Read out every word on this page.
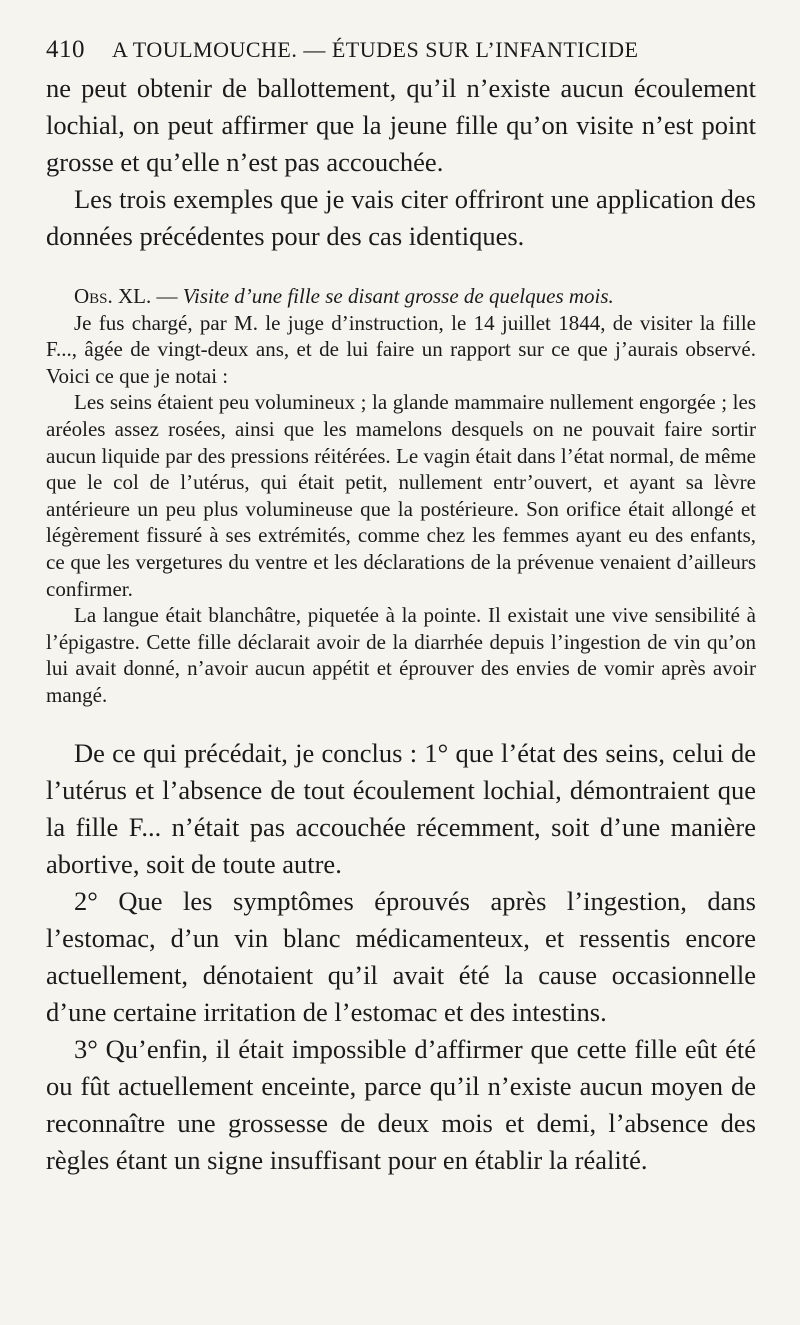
410	A TOULMOUCHE. — ÉTUDES SUR L’INFANTICIDE

ne peut obtenir de ballottement, qu’il n’existe aucun écoulement lochial, on peut affirmer que la jeune fille qu’on visite n’est point grosse et qu’elle n’est pas accouchée.

Les trois exemples que je vais citer offriront une application des données précédentes pour des cas identiques.

Obs. XL. — Visite d’une fille se disant grosse de quelques mois.

Je fus chargé, par M. le juge d’instruction, le 14 juillet 1844, de visiter la fille F..., âgée de vingt-deux ans, et de lui faire un rapport sur ce que j’aurais observé. Voici ce que je notai :

Les seins étaient peu volumineux ; la glande mammaire nullement engorgée ; les aréoles assez rosées, ainsi que les mamelons desquels on ne pouvait faire sortir aucun liquide par des pressions réitérées. Le vagin était dans l’état normal, de même que le col de l’utérus, qui était petit, nullement entr’ouvert, et ayant sa lèvre antérieure un peu plus volumineuse que la postérieure. Son orifice était allongé et légèrement fissuré à ses extrémités, comme chez les femmes ayant eu des enfants, ce que les vergetures du ventre et les déclarations de la prévenue venaient d’ailleurs confirmer.

La langue était blanchâtre, piquetée à la pointe. Il existait une vive sensibilité à l’épigastre. Cette fille déclarait avoir de la diarrhée depuis l’ingestion de vin qu’on lui avait donné, n’avoir aucun appétit et éprouver des envies de vomir après avoir mangé.

De ce qui précédait, je conclus : 1° que l’état des seins, celui de l’utérus et l’absence de tout écoulement lochial, démontraient que la fille F... n’était pas accouchée récemment, soit d’une manière abortive, soit de toute autre.

2° Que les symptômes éprouvés après l’ingestion, dans l’estomac, d’un vin blanc médicamenteux, et ressentis encore actuellement, dénotaient qu’il avait été la cause occasionnelle d’une certaine irritation de l’estomac et des intestins.

3° Qu’enfin, il était impossible d’affirmer que cette fille eût été ou fût actuellement enceinte, parce qu’il n’existe aucun moyen de reconnaître une grossesse de deux mois et demi, l’absence des règles étant un signe insuffisant pour en établir la réalité.
